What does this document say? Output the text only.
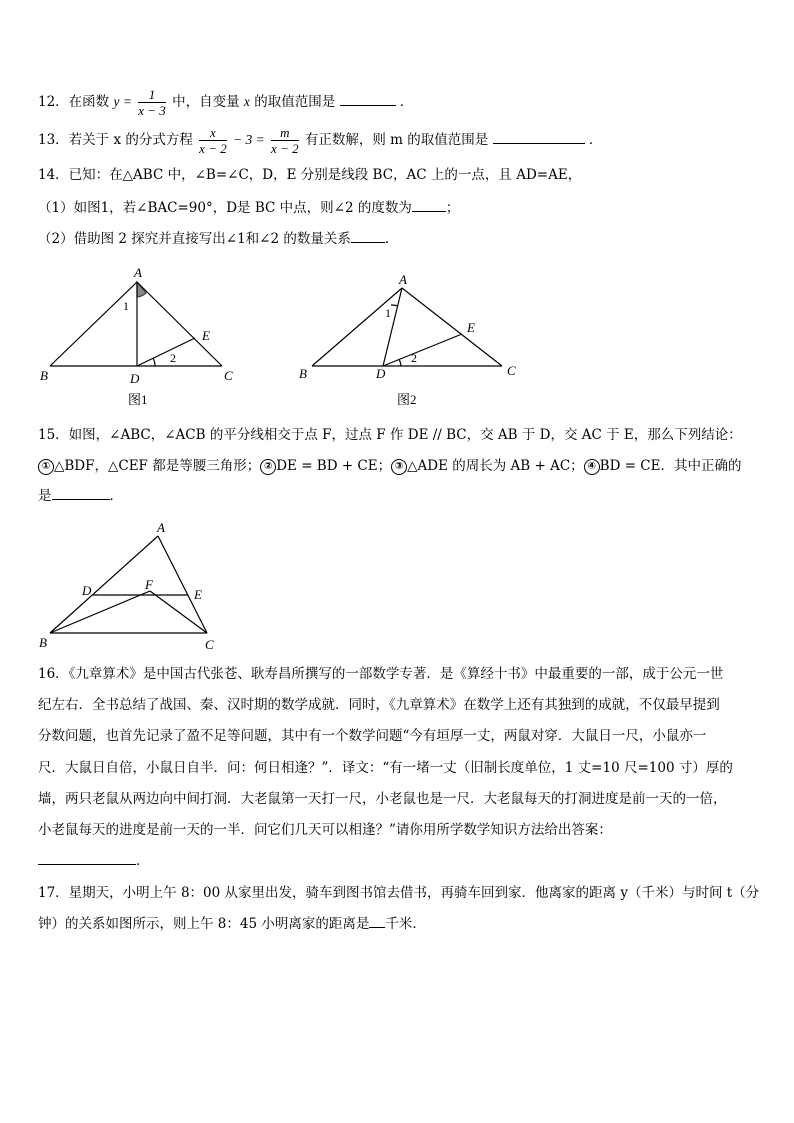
12．在函数 $y = \frac{1}{x - 3}$ 中，自变量 x 的取值范围是	．
13．若关于 x 的分式方程 $\frac{x}{x - 2} - 3 = \frac{m}{x - 2}$ 有正数解，则 m 的取值范围是	．
14．已知：在△ABC 中，∠B=∠C，D，E 分别是线段 BC，AC 上的一点，且 AD=AE，
（1）如图1，若∠BAC=90°，D是 BC 中点，则∠2 的度数为	；
（2）借助图 2 探究并直接写出∠1和∠2 的数量关系	．
A
B	C
D
E
1
2
图1
A
B	C
D
E
1
2
图2
15．如图，∠ABC，∠ACB 的平分线相交于点 F，过点 F 作 DE // BC，交 AB 于 D，交 AC 于 E，那么下列结论：
① △BDF，△CEF 都是等腰三角形； ② DE = BD + CE； ③ △ADE 的周长为 AB + AC； ④ BD = CE．其中正确的
是	．
A
B	C
D	E
F
16．《九章算术》是中国古代张苍、耿寿昌所撰写的一部数学专著．是《算经十书》中最重要的一部，成于公元一世
纪左右．全书总结了战国、秦、汉时期的数学成就．同时，《九章算术》在数学上还有其独到的成就，不仅最早提到
分数问题，也首先记录了盈不足等问题，其中有一个数学问题“今有垣厚一丈，两鼠对穿．大鼠日一尺，小鼠亦一
尺．大鼠日自倍，小鼠日自半．问：何日相逢？”．译文：“有一堵一丈（旧制长度单位，1 丈=10 尺=100 寸）厚的
墙，两只老鼠从两边向中间打洞．大老鼠第一天打一尺，小老鼠也是一尺．大老鼠每天的打洞进度是前一天的一倍，
小老鼠每天的进度是前一天的一半．问它们几天可以相逢？”请你用所学数学知识方法给出答案：
．
17．星期天，小明上午 8：00 从家里出发，骑车到图书馆去借书，再骑车回到家．他离家的距离 y（千米）与时间 t（分
钟）的关系如图所示，则上午 8：45 小明离家的距离是 千米．
